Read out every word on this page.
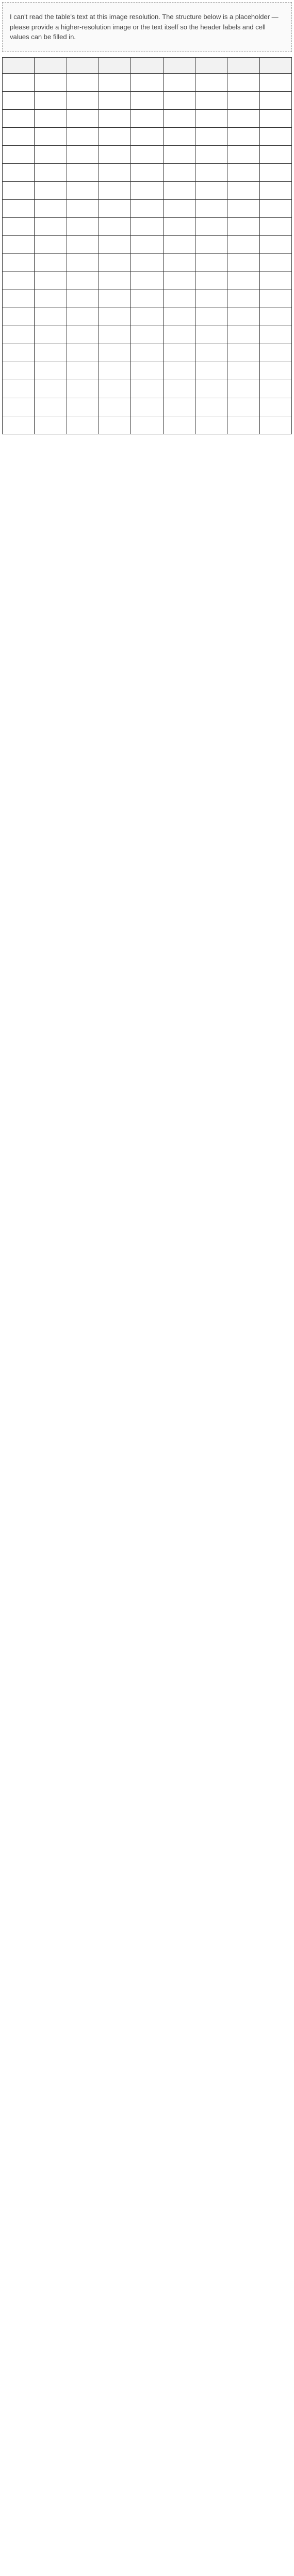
I can't read the table's text at this image resolution. The structure below is a placeholder — please provide a higher-resolution image or the text itself so the header labels and cell values can be filled in.
